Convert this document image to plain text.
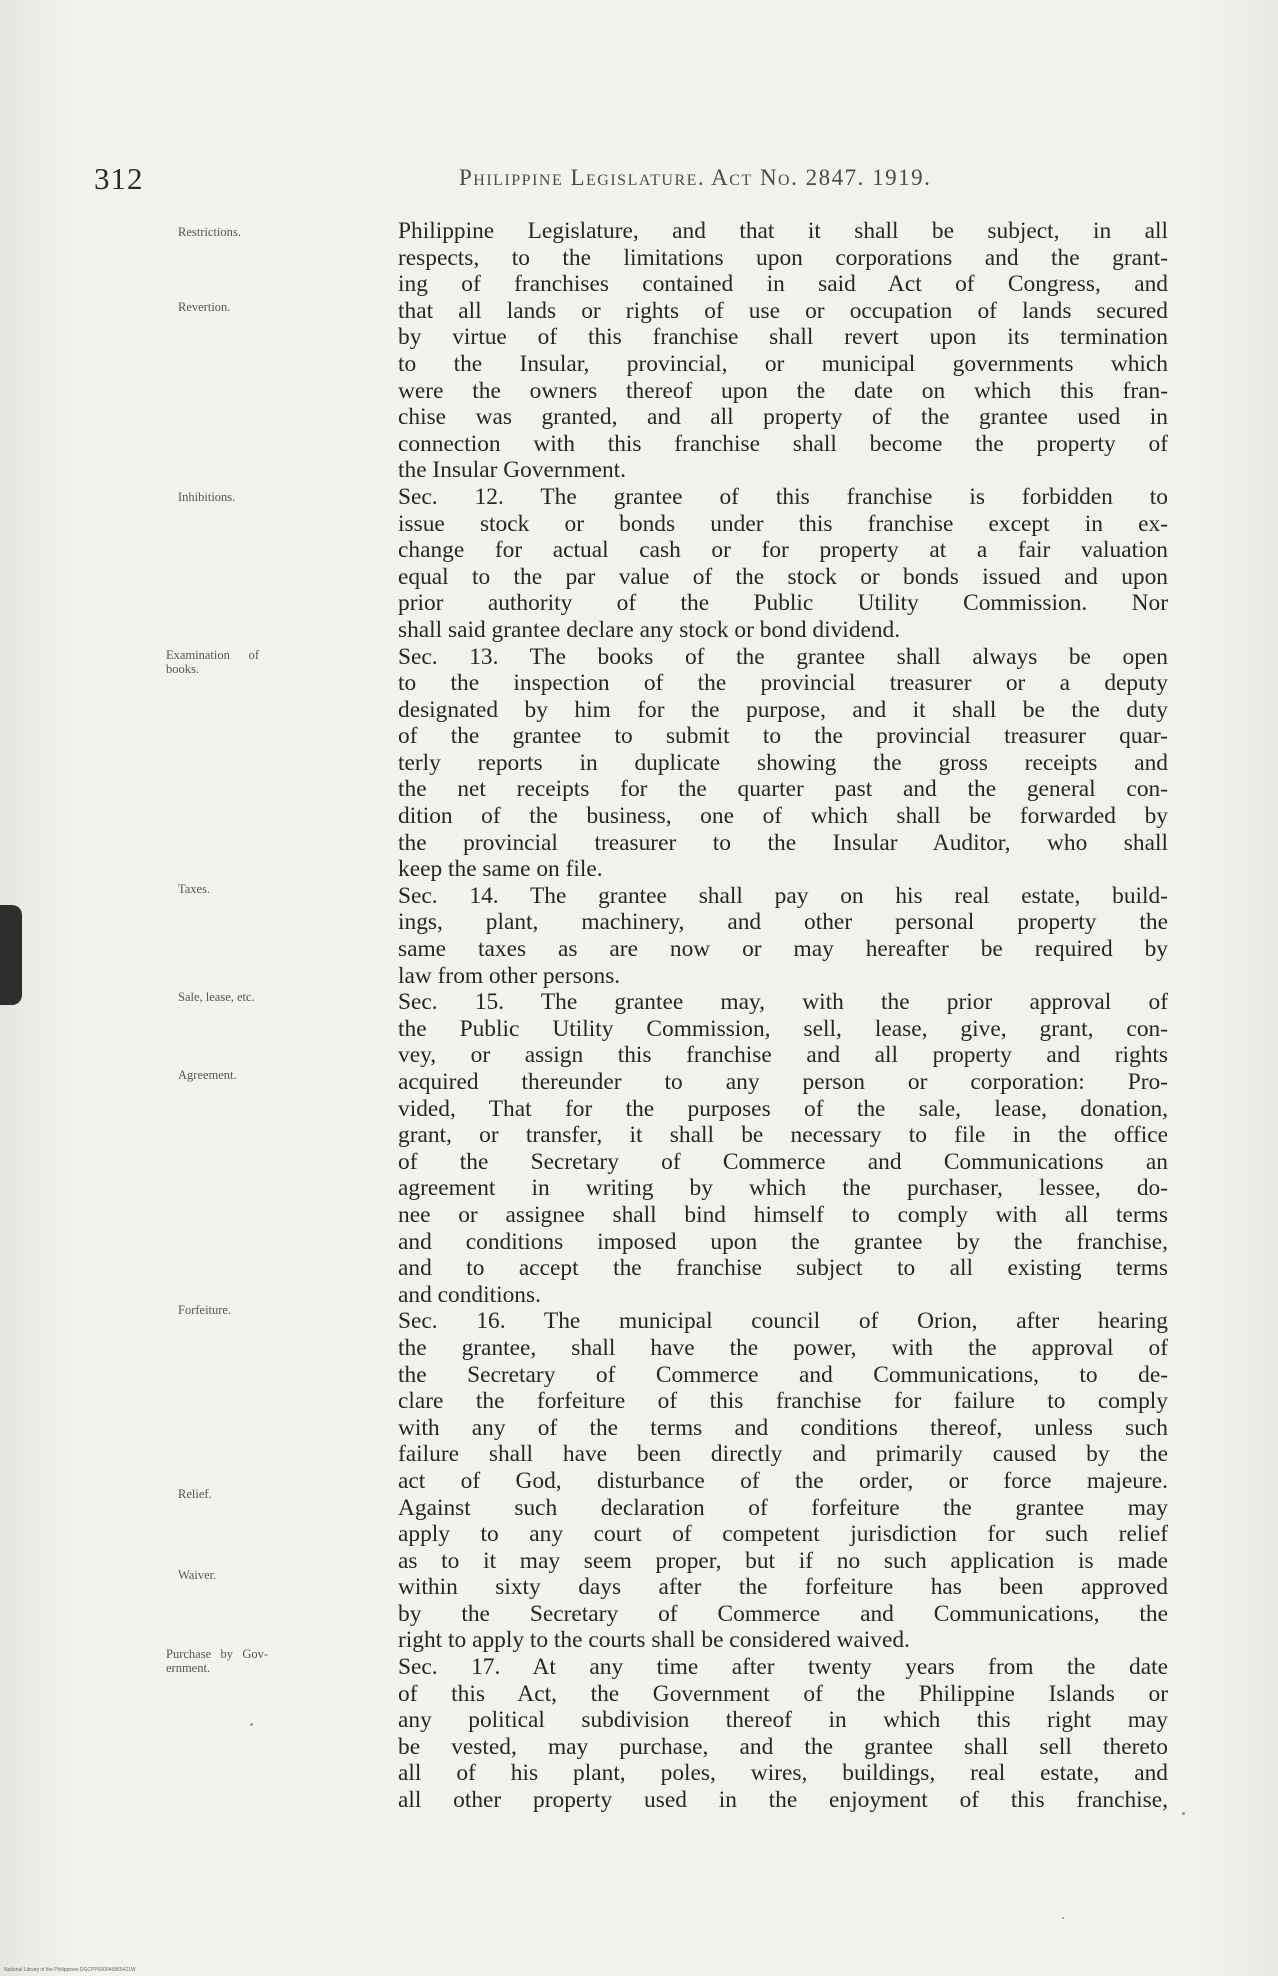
312	Philippine Legislature. Act No. 2847. 1919.
Restrictions.
Revertion.
Inhibitions.
Examination      of
books.
Taxes.
Sale, lease, etc.
Agreement.
Forfeiture.
Relief.
Waiver.
Purchase   by   Gov-
ernment.
Philippine Legislature, and that it shall be subject, in all
respects, to the limitations upon corporations and the grant-
ing of franchises contained in said Act of Congress, and
that all lands or rights of use or occupation of lands secured
by virtue of this franchise shall revert upon its termination
to the Insular, provincial, or municipal governments which
were the owners thereof upon the date on which this fran-
chise was granted, and all property of the grantee used in
connection with this franchise shall become the property of
the Insular Government.
Sec. 12. The grantee of this franchise is forbidden to
issue stock or bonds under this franchise except in ex-
change for actual cash or for property at a fair valuation
equal to the par value of the stock or bonds issued and upon
prior authority of the Public Utility Commission. Nor
shall said grantee declare any stock or bond dividend.
Sec. 13. The books of the grantee shall always be open
to the inspection of the provincial treasurer or a deputy
designated by him for the purpose, and it shall be the duty
of the grantee to submit to the provincial treasurer quar-
terly reports in duplicate showing the gross receipts and
the net receipts for the quarter past and the general con-
dition of the business, one of which shall be forwarded by
the provincial treasurer to the Insular Auditor, who shall
keep the same on file.
Sec. 14. The grantee shall pay on his real estate, build-
ings, plant, machinery, and other personal property the
same taxes as are now or may hereafter be required by
law from other persons.
Sec. 15. The grantee may, with the prior approval of
the Public Utility Commission, sell, lease, give, grant, con-
vey, or assign this franchise and all property and rights
acquired thereunder to any person or corporation: Pro-
vided, That for the purposes of the sale, lease, donation,
grant, or transfer, it shall be necessary to file in the office
of the Secretary of Commerce and Communications an
agreement in writing by which the purchaser, lessee, do-
nee or assignee shall bind himself to comply with all terms
and conditions imposed upon the grantee by the franchise,
and to accept the franchise subject to all existing terms
and conditions.
Sec. 16. The municipal council of Orion, after hearing
the grantee, shall have the power, with the approval of
the Secretary of Commerce and Communications, to de-
clare the forfeiture of this franchise for failure to comply
with any of the terms and conditions thereof, unless such
failure shall have been directly and primarily caused by the
act of God, disturbance of the order, or force majeure.
Against such declaration of forfeiture the grantee may
apply to any court of competent jurisdiction for such relief
as to it may seem proper, but if no such application is made
within sixty days after the forfeiture has been approved
by the Secretary of Commerce and Communications, the
right to apply to the courts shall be considered waived.
Sec. 17. At any time after twenty years from the date
of this Act, the Government of the Philippine Islands or
any political subdivision thereof in which this right may
be vested, may purchase, and the grantee shall sell thereto
all of his plant, poles, wires, buildings, real estate, and
all other property used in the enjoyment of this franchise,
National Library of the Philippines DGCPP000045865421W
